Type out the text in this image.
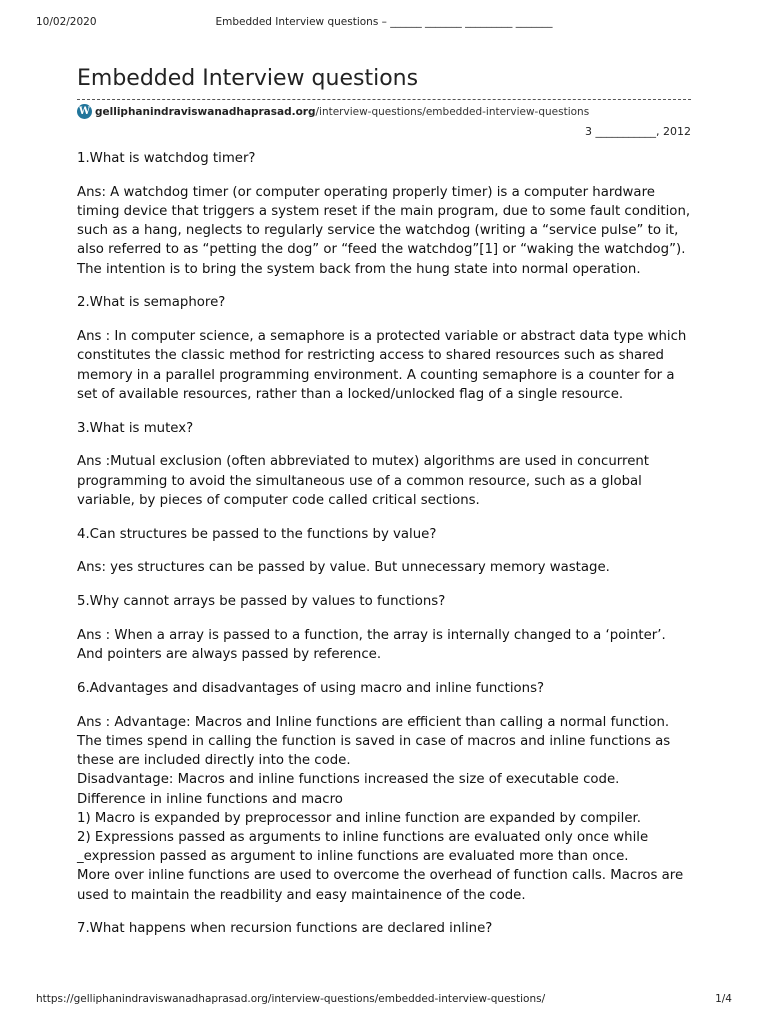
10/02/2020	Embedded Interview questions – ______ _______ _________ _______
Embedded Interview questions
W gelliphanindraviswanadhaprasad.org/interview-questions/embedded-interview-questions
3 ___________, 2012

1.What is watchdog timer?

Ans: A watchdog timer (or computer operating properly timer) is a computer hardware timing device that triggers a system reset if the main program, due to some fault condition, such as a hang, neglects to regularly service the watchdog (writing a “service pulse” to it, also referred to as “petting the dog” or “feed the watchdog”[1] or “waking the watchdog”). The intention is to bring the system back from the hung state into normal operation.

2.What is semaphore?

Ans : In computer science, a semaphore is a protected variable or abstract data type which constitutes the classic method for restricting access to shared resources such as shared memory in a parallel programming environment. A counting semaphore is a counter for a set of available resources, rather than a locked/unlocked flag of a single resource.

3.What is mutex?

Ans :Mutual exclusion (often abbreviated to mutex) algorithms are used in concurrent programming to avoid the simultaneous use of a common resource, such as a global variable, by pieces of computer code called critical sections.

4.Can structures be passed to the functions by value?

Ans: yes structures can be passed by value. But unnecessary memory wastage.

5.Why cannot arrays be passed by values to functions?

Ans : When a array is passed to a function, the array is internally changed to a ‘pointer’. And pointers are always passed by reference.

6.Advantages and disadvantages of using macro and inline functions?

Ans : Advantage: Macros and Inline functions are efficient than calling a normal function. The times spend in calling the function is saved in case of macros and inline functions as these are included directly into the code.
Disadvantage: Macros and inline functions increased the size of executable code.
Difference in inline functions and macro
1) Macro is expanded by preprocessor and inline function are expanded by compiler.
2) Expressions passed as arguments to inline functions are evaluated only once while _expression passed as argument to inline functions are evaluated more than once.
More over inline functions are used to overcome the overhead of function calls. Macros are used to maintain the readbility and easy maintainence of the code.

7.What happens when recursion functions are declared inline?

https://gelliphanindraviswanadhaprasad.org/interview-questions/embedded-interview-questions/	1/4
